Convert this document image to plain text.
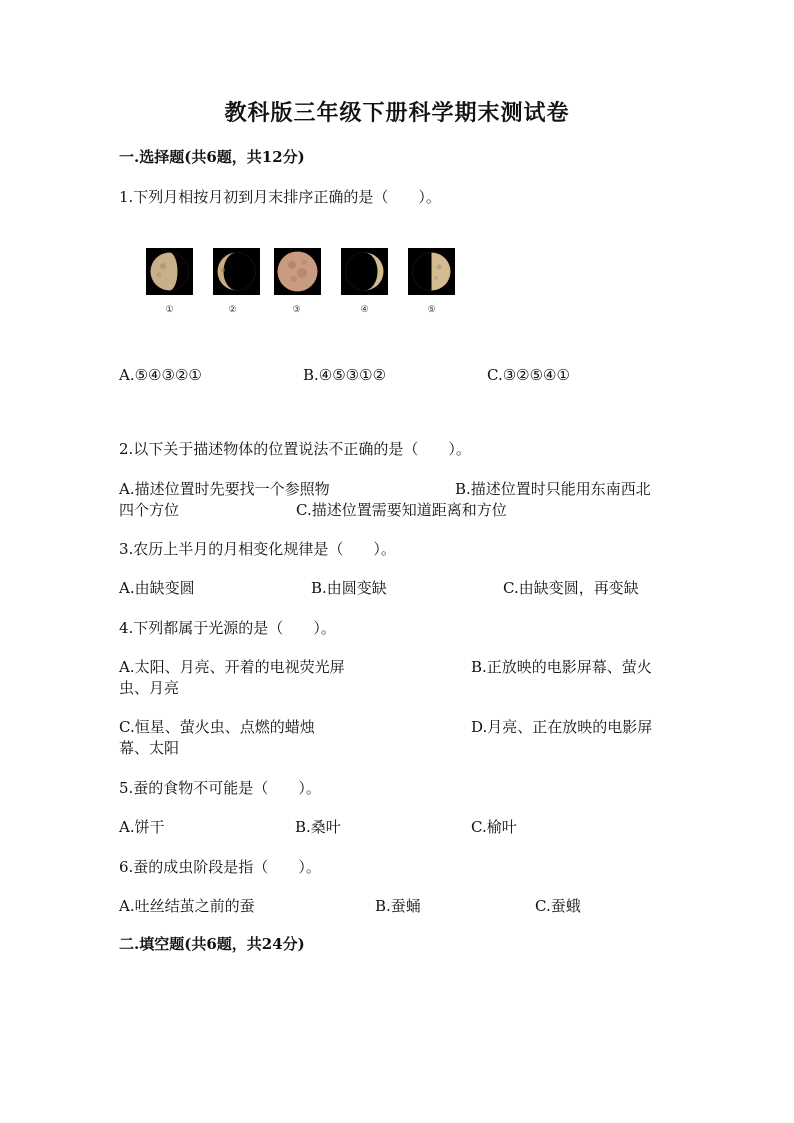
教科版三年级下册科学期末测试卷
一.选择题(共6题，共12分)
1.下列月相按月初到月末排序正确的是（　　）。
①	②	③	④	⑤
A.⑤④③②①	B.④⑤③①②	C.③②⑤④①
2.以下关于描述物体的位置说法不正确的是（　　）。
A.描述位置时先要找一个参照物	B.描述位置时只能用东南西北
四个方位	C.描述位置需要知道距离和方位
3.农历上半月的月相变化规律是（　　）。
A.由缺变圆	B.由圆变缺	C.由缺变圆，再变缺
4.下列都属于光源的是（　　）。
A.太阳、月亮、开着的电视荧光屏	B.正放映的电影屏幕、萤火
虫、月亮
C.恒星、萤火虫、点燃的蜡烛	D.月亮、正在放映的电影屏
幕、太阳
5.蚕的食物不可能是（　　）。
A.饼干	B.桑叶	C.榆叶
6.蚕的成虫阶段是指（　　）。
A.吐丝结茧之前的蚕	B.蚕蛹	C.蚕蛾
二.填空题(共6题，共24分)
